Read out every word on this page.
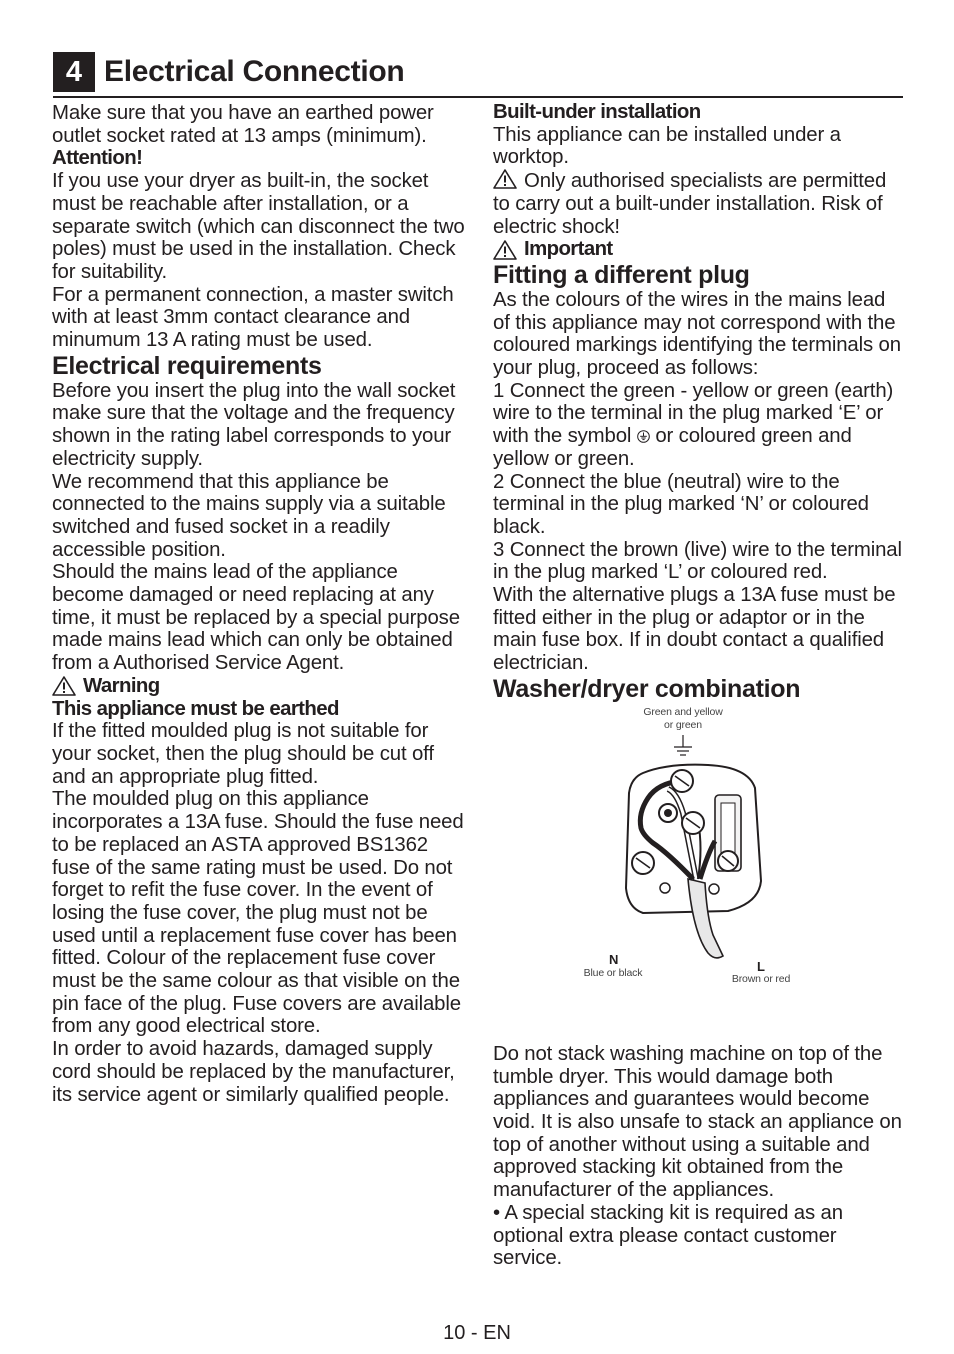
4 Electrical Connection

Make sure that you have an earthed power outlet socket rated at 13 amps (minimum).

Attention!

If you use your dryer as built-in, the socket must be reachable after installation, or a separate switch (which can disconnect the two poles) must be used in the installation. Check for suitability.

For a permanent connection, a master switch with at least 3mm contact clearance and minumum 13 A rating must be used.

Electrical requirements

Before you insert the plug into the wall socket make sure that the voltage and the frequency shown in the rating label corresponds to your electricity supply.

We recommend that this appliance be connected to the mains supply via a suitable switched and fused socket in a readily accessible position.

Should the mains lead of the appliance become damaged or need replacing at any time, it must be replaced by a special purpose made mains lead which can only be obtained from a Authorised Service Agent.

Warning

This appliance must be earthed

If the fitted moulded plug is not suitable for your socket, then the plug should be cut off and an appropriate plug fitted.

The moulded plug on this appliance incorporates a 13A fuse. Should the fuse need to be replaced an ASTA approved BS1362 fuse of the same rating must be used. Do not forget to refit the fuse cover. In the event of losing the fuse cover, the plug must not be used until a replacement fuse cover has been fitted. Colour of the replacement fuse cover must be the same colour as that visible on the pin face of the plug. Fuse covers are available from any good electrical store.

In order to avoid hazards, damaged supply cord should be replaced by the manufacturer, its service agent or similarly qualified people.

Built-under installation

This appliance can be installed under a worktop.

Only authorised specialists are permitted to carry out a built-under installation. Risk of electric shock!

Important

Fitting a different plug

As the colours of the wires in the mains lead of this appliance may not correspond with the coloured markings identifying the terminals on your plug, proceed as follows:

1 Connect the green - yellow or green (earth) wire to the terminal in the plug marked ‘E’ or with the symbol or coloured green and yellow or green.

2 Connect the blue (neutral) wire to the terminal in the plug marked ‘N’ or coloured black.

3 Connect the brown (live) wire to the terminal in the plug marked ‘L’ or coloured red.

With the alternative plugs a 13A fuse must be fitted either in the plug or adaptor or in the main fuse box. If in doubt contact a qualified electrician.

Washer/dryer combination

Green and yellow
or green
N
Blue or black	L
Brown or red

Do not stack washing machine on top of the tumble dryer. This would damage both appliances and guarantees would become void. It is also unsafe to stack an appliance on top of another without using a suitable and approved stacking kit obtained from the manufacturer of the appliances.

• A special stacking kit is required as an optional extra please contact customer service.

10 - EN
